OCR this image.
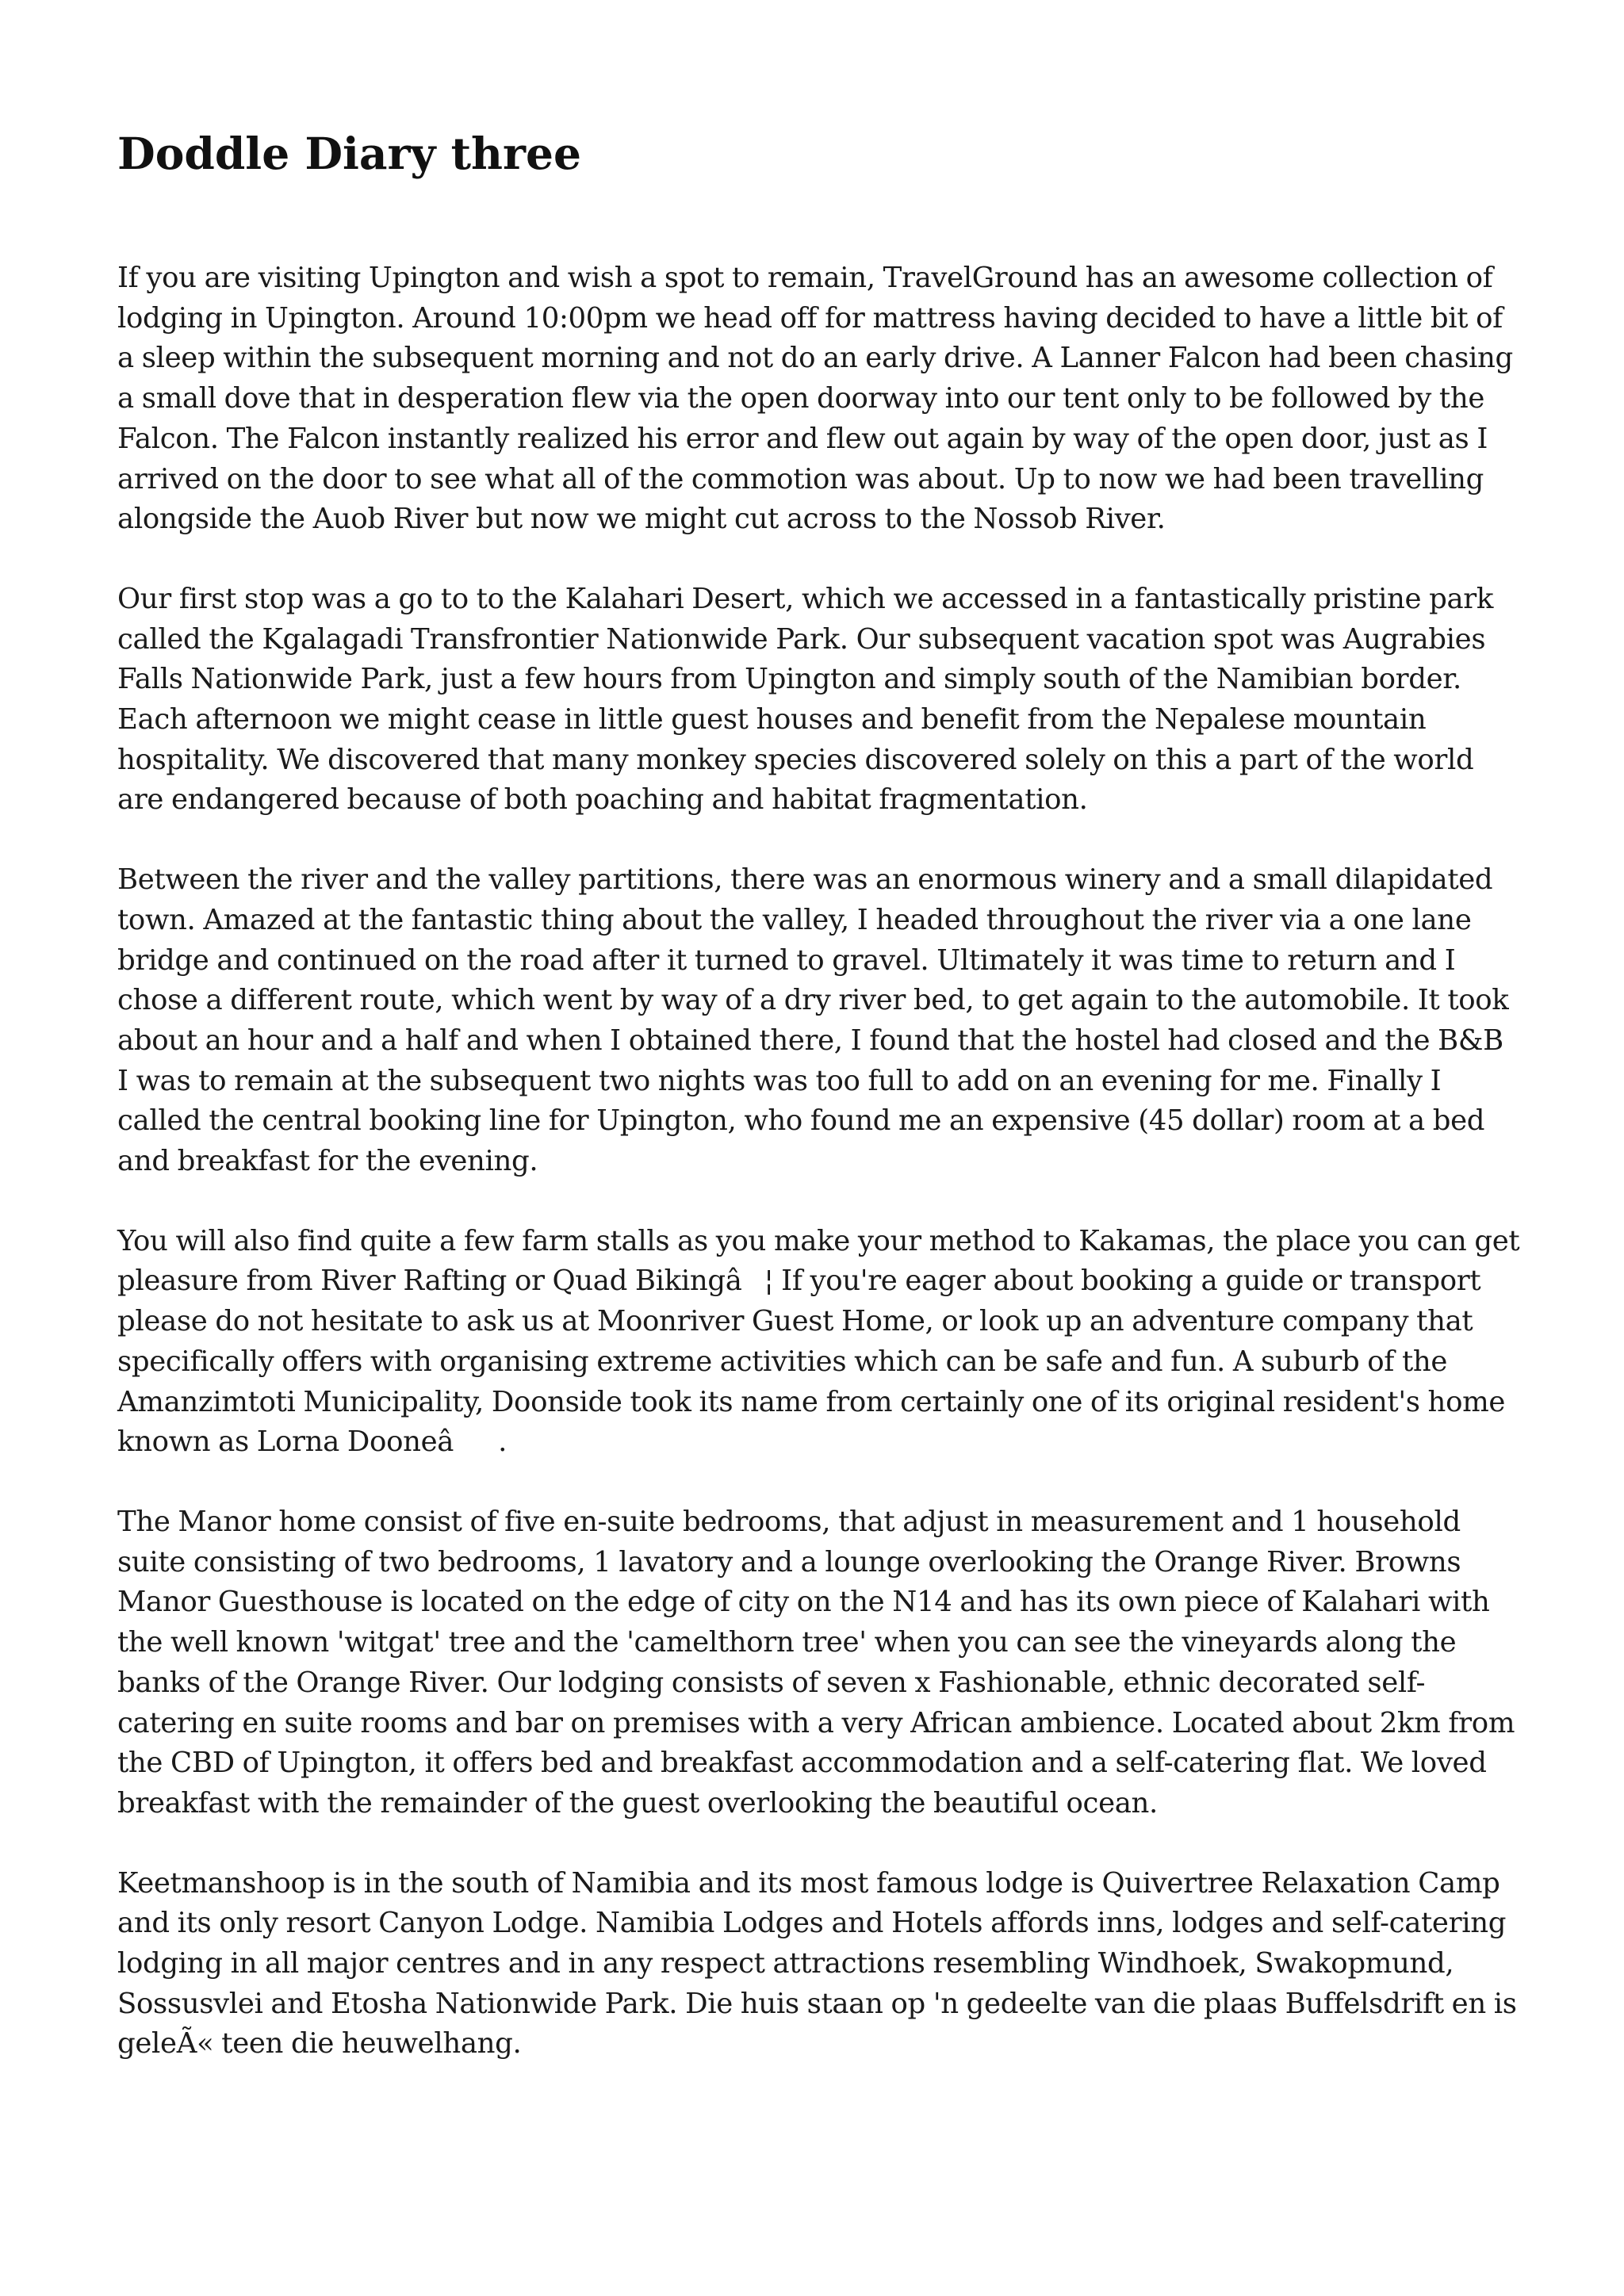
Doddle Diary three

If you are visiting Upington and wish a spot to remain, TravelGround has an awesome collection of lodging in Upington. Around 10:00pm we head off for mattress having decided to have a little bit of a sleep within the subsequent morning and not do an early drive. A Lanner Falcon had been chasing a small dove that in desperation flew via the open doorway into our tent only to be followed by the Falcon. The Falcon instantly realized his error and flew out again by way of the open door, just as I arrived on the door to see what all of the commotion was about. Up to now we had been travelling alongside the Auob River but now we might cut across to the Nossob River.

Our first stop was a go to to the Kalahari Desert, which we accessed in a fantastically pristine park called the Kgalagadi Transfrontier Nationwide Park. Our subsequent vacation spot was Augrabies Falls Nationwide Park, just a few hours from Upington and simply south of the Namibian border. Each afternoon we might cease in little guest houses and benefit from the Nepalese mountain hospitality. We discovered that many monkey species discovered solely on this a part of the world are endangered because of both poaching and habitat fragmentation.

Between the river and the valley partitions, there was an enormous winery and a small dilapidated town. Amazed at the fantastic thing about the valley, I headed throughout the river via a one lane bridge and continued on the road after it turned to gravel. Ultimately it was time to return and I chose a different route, which went by way of a dry river bed, to get again to the automobile. It took about an hour and a half and when I obtained there, I found that the hostel had closed and the B&B I was to remain at the subsequent two nights was too full to add on an evening for me. Finally I called the central booking line for Upington, who found me an expensive (45 dollar) room at a bed and breakfast for the evening.

You will also find quite a few farm stalls as you make your method to Kakamas, the place you can get pleasure from River Rafting or Quad Bikingâ¦ If you're eager about booking a guide or transport please do not hesitate to ask us at Moonriver Guest Home, or look up an adventure company that specifically offers with organising extreme activities which can be safe and fun. A suburb of the Amanzimtoti Municipality, Doonside took its name from certainly one of its original resident's home known as Lorna Dooneâ.

The Manor home consist of five en-suite bedrooms, that adjust in measurement and 1 household suite consisting of two bedrooms, 1 lavatory and a lounge overlooking the Orange River. Browns Manor Guesthouse is located on the edge of city on the N14 and has its own piece of Kalahari with the well known 'witgat' tree and the 'camelthorn tree' when you can see the vineyards along the banks of the Orange River. Our lodging consists of seven x Fashionable, ethnic decorated self-catering en suite rooms and bar on premises with a very African ambience. Located about 2km from the CBD of Upington, it offers bed and breakfast accommodation and a self-catering flat. We loved breakfast with the remainder of the guest overlooking the beautiful ocean.

Keetmanshoop is in the south of Namibia and its most famous lodge is Quivertree Relaxation Camp and its only resort Canyon Lodge. Namibia Lodges and Hotels affords inns, lodges and self-catering lodging in all major centres and in any respect attractions resembling Windhoek, Swakopmund, Sossusvlei and Etosha Nationwide Park. Die huis staan op 'n gedeelte van die plaas Buffelsdrift en is geleÃ« teen die heuwelhang.
